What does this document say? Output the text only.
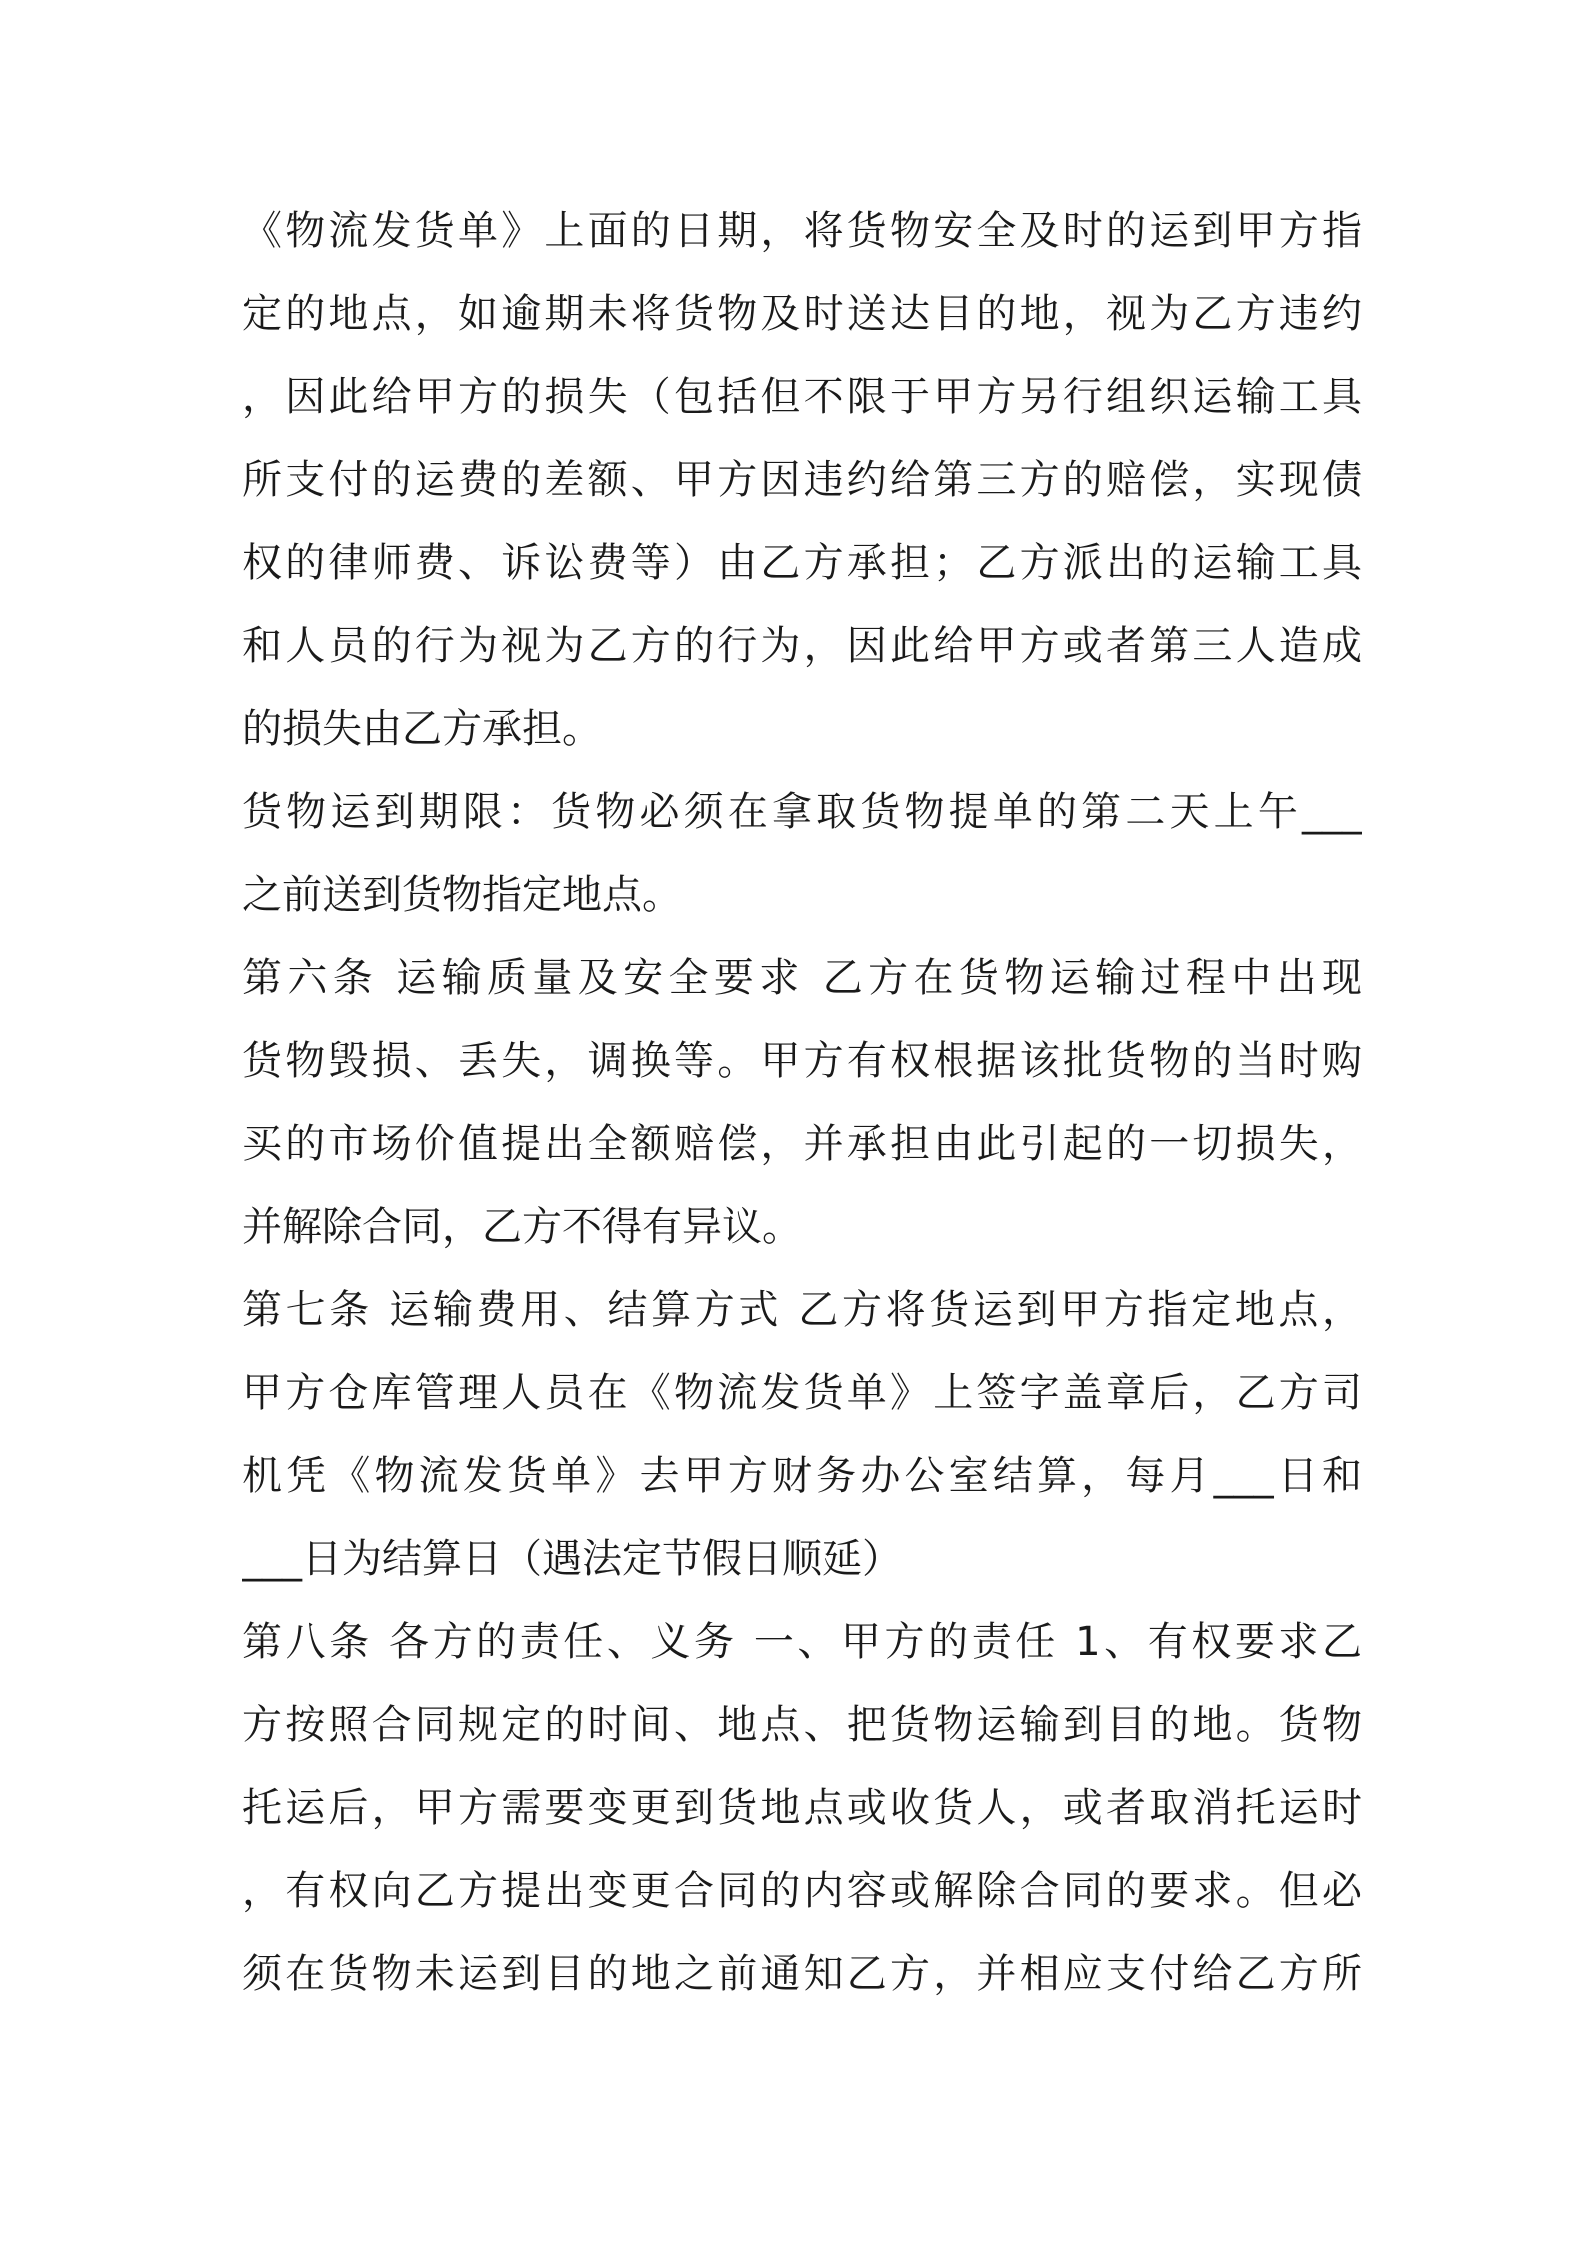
《物流发货单》上面的日期，将货物安全及时的运到甲方指
定的地点，如逾期未将货物及时送达目的地，视为乙方违约
，因此给甲方的损失（包括但不限于甲方另行组织运输工具
所支付的运费的差额、甲方因违约给第三方的赔偿，实现债
权的律师费、诉讼费等）由乙方承担；乙方派出的运输工具
和人员的行为视为乙方的行为，因此给甲方或者第三人造成
的损失由乙方承担。
货物运到期限：货物必须在拿取货物提单的第二天上午___
之前送到货物指定地点。
第六条 运输质量及安全要求 乙方在货物运输过程中出现
货物毁损、丢失，调换等。甲方有权根据该批货物的当时购
买的市场价值提出全额赔偿，并承担由此引起的一切损失，
并解除合同，乙方不得有异议。
第七条 运输费用、结算方式 乙方将货运到甲方指定地点，
甲方仓库管理人员在《物流发货单》上签字盖章后，乙方司
机凭《物流发货单》去甲方财务办公室结算，每月___日和
___日为结算日（遇法定节假日顺延）
第八条 各方的责任、义务 一、甲方的责任 1、有权要求乙
方按照合同规定的时间、地点、把货物运输到目的地。货物
托运后，甲方需要变更到货地点或收货人，或者取消托运时
，有权向乙方提出变更合同的内容或解除合同的要求。但必
须在货物未运到目的地之前通知乙方，并相应支付给乙方所
